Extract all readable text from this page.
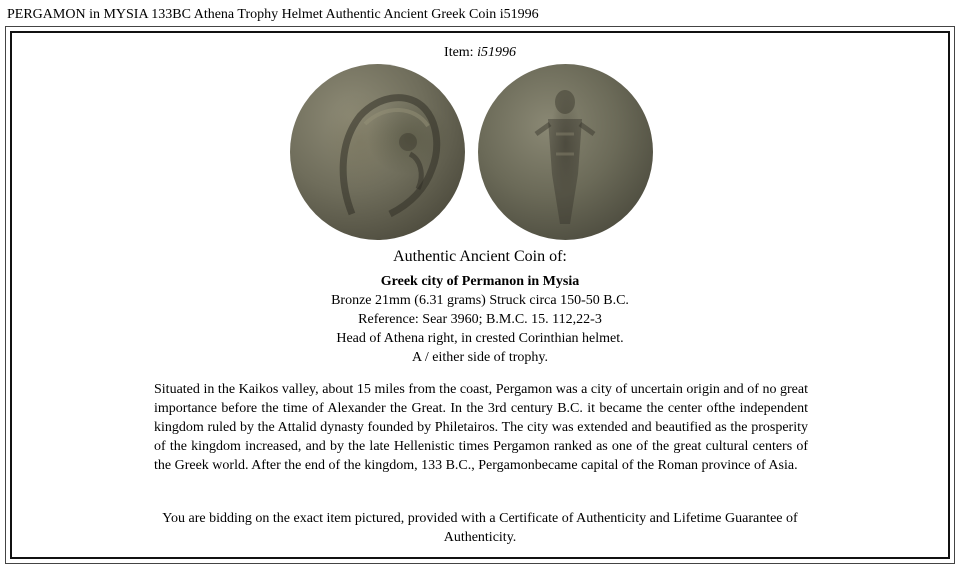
PERGAMON in MYSIA 133BC Athena Trophy Helmet Authentic Ancient Greek Coin i51996
Item: i51996
Authentic Ancient Coin of:
Greek city of Permanon in Mysia
Bronze 21mm (6.31 grams) Struck circa 150-50 B.C.
Reference: Sear 3960; B.M.C. 15. 112,22-3
Head of Athena right, in crested Corinthian helmet.
A / either side of trophy.
Situated in the Kaikos valley, about 15 miles from the coast, Pergamon was a city of uncertain origin and of no great importance before the time of Alexander the Great. In the 3rd century B.C. it became the center ofthe independent kingdom ruled by the Attalid dynasty founded by Philetairos. The city was extended and beautified as the prosperity of the kingdom increased, and by the late Hellenistic times Pergamon ranked as one of the great cultural centers of the Greek world. After the end of the kingdom, 133 B.C., Pergamonbecame capital of the Roman province of Asia.
You are bidding on the exact item pictured, provided with a Certificate of Authenticity and Lifetime Guarantee of Authenticity.
